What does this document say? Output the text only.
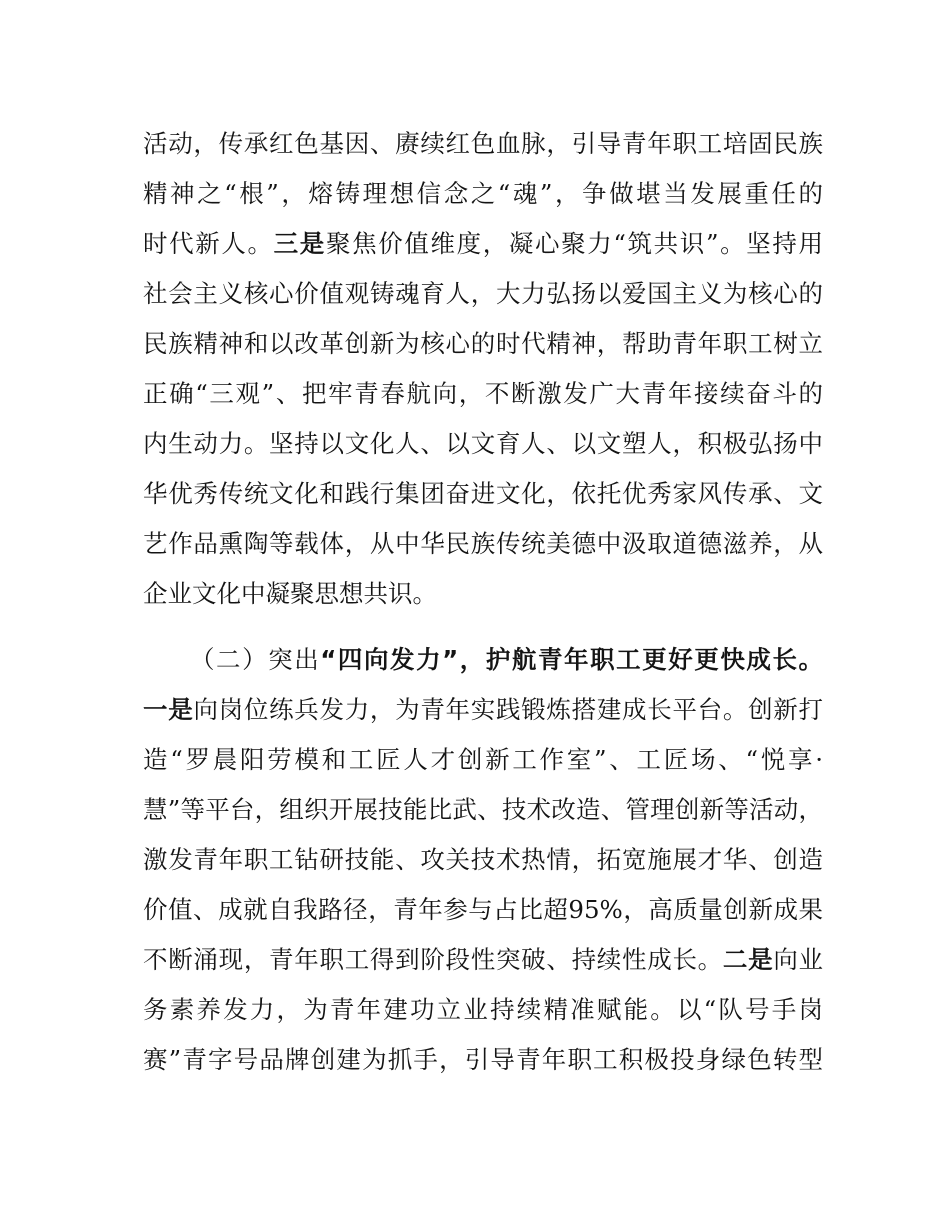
活动，传承红色基因、赓续红色血脉，引导青年职工培固民族
精神之“根”，熔铸理想信念之“魂”，争做堪当发展重任的
时代新人。三是聚焦价值维度，凝心聚力“筑共识”。坚持用
社会主义核心价值观铸魂育人，大力弘扬以爱国主义为核心的
民族精神和以改革创新为核心的时代精神，帮助青年职工树立
正确“三观”、把牢青春航向，不断激发广大青年接续奋斗的
内生动力。坚持以文化人、以文育人、以文塑人，积极弘扬中
华优秀传统文化和践行集团奋进文化，依托优秀家风传承、文
艺作品熏陶等载体，从中华民族传统美德中汲取道德滋养，从
企业文化中凝聚思想共识。
（二）突出“四向发力”，护航青年职工更好更快成长。
一是向岗位练兵发力，为青年实践锻炼搭建成长平台。创新打
造“罗晨阳劳模和工匠人才创新工作室”、工匠场、“悦享·
慧”等平台，组织开展技能比武、技术改造、管理创新等活动，
激发青年职工钻研技能、攻关技术热情，拓宽施展才华、创造
价值、成就自我路径，青年参与占比超95%，高质量创新成果
不断涌现，青年职工得到阶段性突破、持续性成长。二是向业
务素养发力，为青年建功立业持续精准赋能。以“队号手岗
赛”青字号品牌创建为抓手，引导青年职工积极投身绿色转型
